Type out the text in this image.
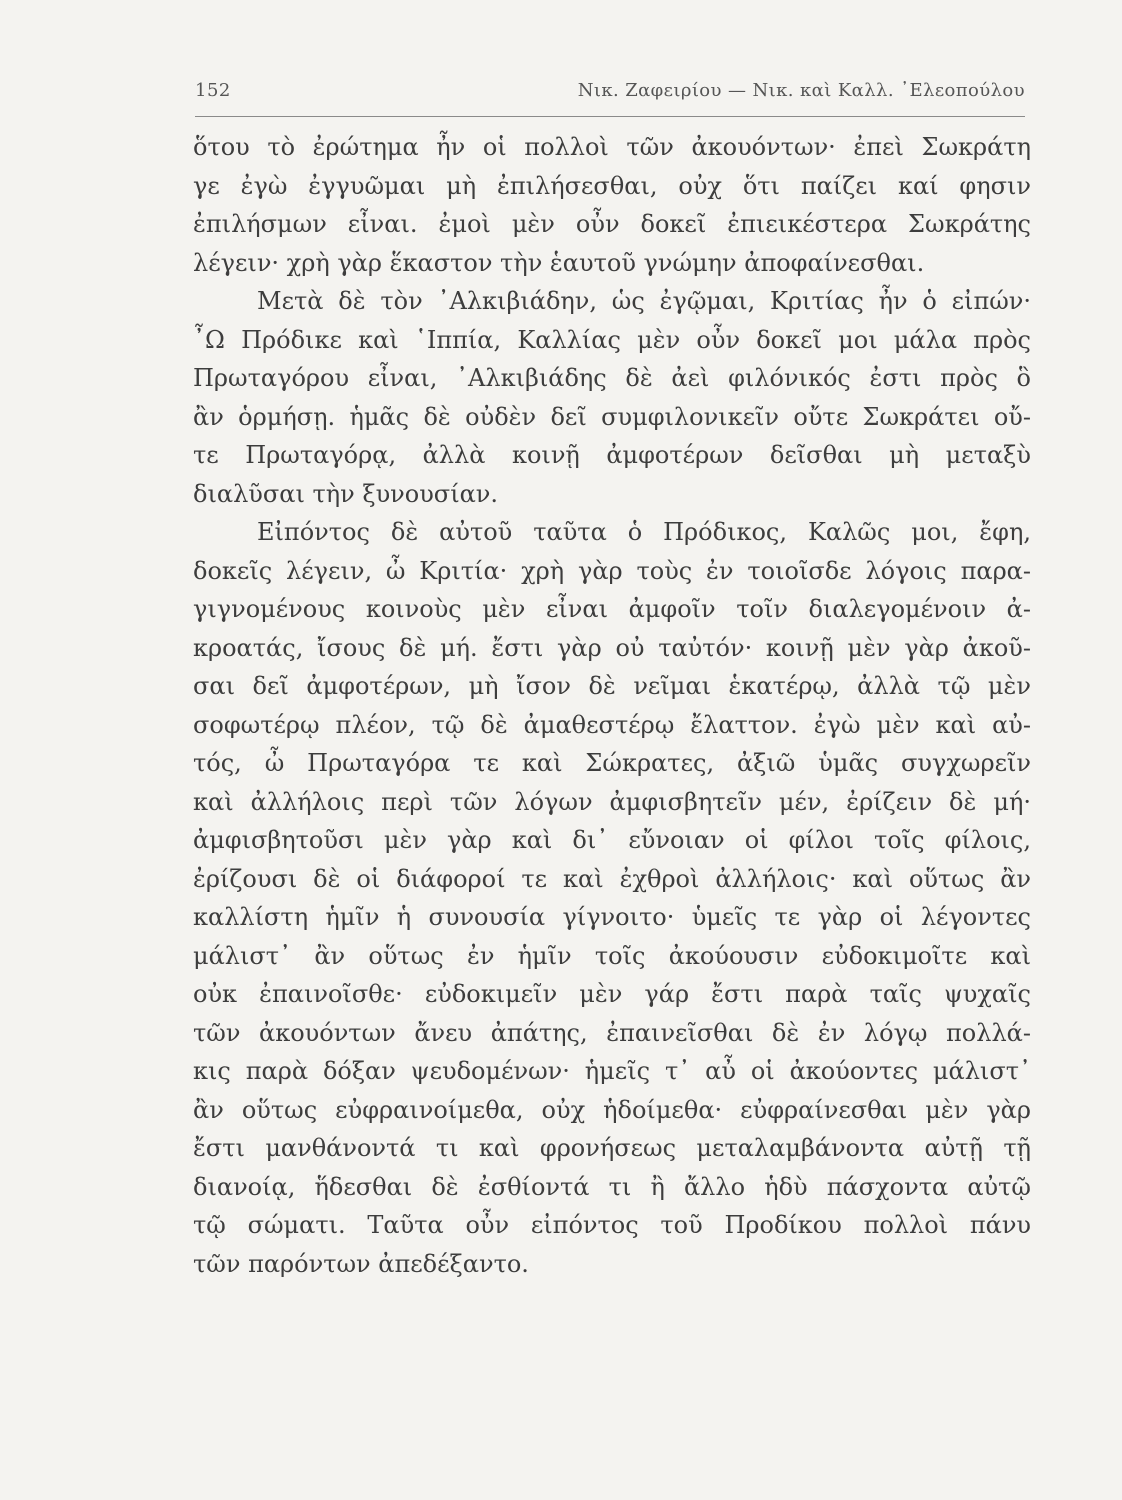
152	Νικ. Ζαφειρίου — Νικ. καὶ Καλλ. ᾿Ελεοπούλου
ὅτου τὸ ἐρώτημα ἦν οἱ πολλοὶ τῶν ἀκουόντων· ἐπεὶ Σωκράτη
γε ἐγὼ ἐγγυῶμαι μὴ ἐπιλήσεσθαι, οὐχ ὅτι παίζει καί φησιν
ἐπιλήσμων εἶναι. ἐμοὶ μὲν οὖν δοκεῖ ἐπιεικέστερα Σωκράτης
λέγειν· χρὴ γὰρ ἕκαστον τὴν ἑαυτοῦ γνώμην ἀποφαίνεσθαι.
Μετὰ δὲ τὸν ᾿Αλκιβιάδην, ὡς ἐγῷμαι, Κριτίας ἦν ὁ εἰπών·
῏Ω Πρόδικε καὶ ῾Ιππία, Καλλίας μὲν οὖν δοκεῖ μοι μάλα πρὸς
Πρωταγόρου εἶναι, ᾿Αλκιβιάδης δὲ ἀεὶ φιλόνικός ἐστι πρὸς ὃ
ἂν ὁρμήσῃ. ἡμᾶς δὲ οὐδὲν δεῖ συμφιλονικεῖν οὔτε Σωκράτει οὔ-
τε Πρωταγόρᾳ, ἀλλὰ κοινῇ ἀμφοτέρων δεῖσθαι μὴ μεταξὺ
διαλῦσαι τὴν ξυνουσίαν.
Εἰπόντος δὲ αὐτοῦ ταῦτα ὁ Πρόδικος, Καλῶς μοι, ἔφη,
δοκεῖς λέγειν, ὦ Κριτία· χρὴ γὰρ τοὺς ἐν τοιοῖσδε λόγοις παρα-
γιγνομένους κοινοὺς μὲν εἶναι ἀμφοῖν τοῖν διαλεγομένοιν ἀ-
κροατάς, ἴσους δὲ μή. ἔστι γὰρ οὐ ταὐτόν· κοινῇ μὲν γὰρ ἀκοῦ-
σαι δεῖ ἀμφοτέρων, μὴ ἴσον δὲ νεῖμαι ἑκατέρῳ, ἀλλὰ τῷ μὲν
σοφωτέρῳ πλέον, τῷ δὲ ἀμαθεστέρῳ ἔλαττον. ἐγὼ μὲν καὶ αὐ-
τός, ὦ Πρωταγόρα τε καὶ Σώκρατες, ἀξιῶ ὑμᾶς συγχωρεῖν
καὶ ἀλλήλοις περὶ τῶν λόγων ἀμφισβητεῖν μέν, ἐρίζειν δὲ μή·
ἀμφισβητοῦσι μὲν γὰρ καὶ δι᾿ εὔνοιαν οἱ φίλοι τοῖς φίλοις,
ἐρίζουσι δὲ οἱ διάφοροί τε καὶ ἐχθροὶ ἀλλήλοις· καὶ οὕτως ἂν
καλλίστη ἡμῖν ἡ συνουσία γίγνοιτο· ὑμεῖς τε γὰρ οἱ λέγοντες
μάλιστ᾿ ἂν οὕτως ἐν ἡμῖν τοῖς ἀκούουσιν εὐδοκιμοῖτε καὶ
οὐκ ἐπαινοῖσθε· εὐδοκιμεῖν μὲν γάρ ἔστι παρὰ ταῖς ψυχαῖς
τῶν ἀκουόντων ἄνευ ἀπάτης, ἐπαινεῖσθαι δὲ ἐν λόγῳ πολλά-
κις παρὰ δόξαν ψευδομένων· ἡμεῖς τ᾿ αὖ οἱ ἀκούοντες μάλιστ᾿
ἂν οὕτως εὐφραινοίμεθα, οὐχ ἡδοίμεθα· εὐφραίνεσθαι μὲν γὰρ
ἔστι μανθάνοντά τι καὶ φρονήσεως μεταλαμβάνοντα αὐτῇ τῇ
διανοίᾳ, ἥδεσθαι δὲ ἐσθίοντά τι ἢ ἄλλο ἡδὺ πάσχοντα αὐτῷ
τῷ σώματι. Ταῦτα οὖν εἰπόντος τοῦ Προδίκου πολλοὶ πάνυ
τῶν παρόντων ἀπεδέξαντο.
